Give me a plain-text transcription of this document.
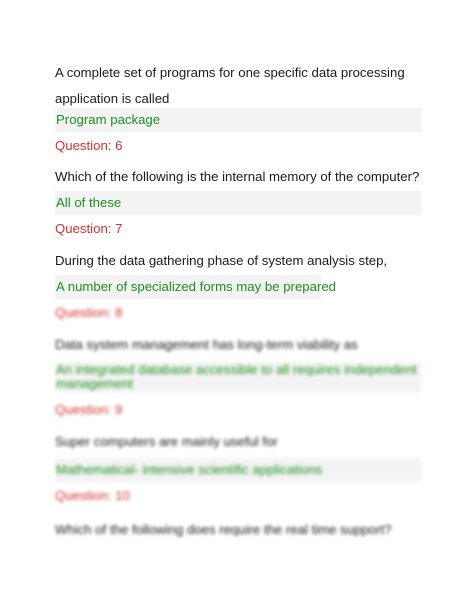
A complete set of programs for one specific data processing application is called

Program package

Question: 6

Which of the following is the internal memory of the computer?

All of these

Question: 7

During the data gathering phase of system analysis step,

A number of specialized forms may be prepared

Question: 8

Data system management has long-term viability as

An integrated database accessible to all requires independent management

Question: 9

Super computers are mainly useful for

Mathematical- intensive scientific applications

Question: 10

Which of the following does require the real time support?
